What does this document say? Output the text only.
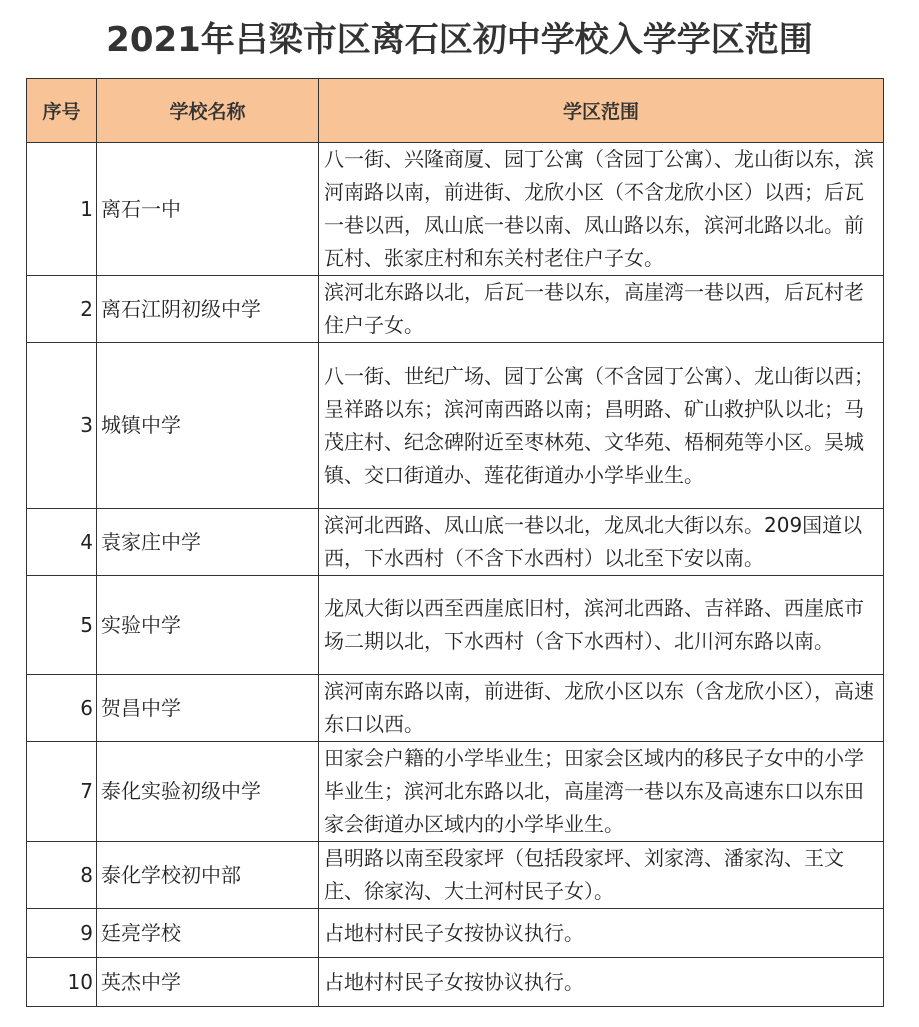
2021年吕梁市区离石区初中学校入学学区范围
序号	学校名称	学区范围
1	离石一中	八一街、兴隆商厦、园丁公寓（含园丁公寓）、龙山街以东，滨河南路以南，前进街、龙欣小区（不含龙欣小区）以西；后瓦一巷以西，凤山底一巷以南、凤山路以东，滨河北路以北。前瓦村、张家庄村和东关村老住户子女。
2	离石江阴初级中学	滨河北东路以北，后瓦一巷以东，高崖湾一巷以西，后瓦村老住户子女。
3	城镇中学	八一街、世纪广场、园丁公寓（不含园丁公寓）、龙山街以西；呈祥路以东；滨河南西路以南；昌明路、矿山救护队以北；马茂庄村、纪念碑附近至枣林苑、文华苑、梧桐苑等小区。吴城镇、交口街道办、莲花街道办小学毕业生。
4	袁家庄中学	滨河北西路、凤山底一巷以北，龙凤北大街以东。209国道以西，下水西村（不含下水西村）以北至下安以南。
5	实验中学	龙凤大街以西至西崖底旧村，滨河北西路、吉祥路、西崖底市场二期以北，下水西村（含下水西村）、北川河东路以南。
6	贺昌中学	滨河南东路以南，前进街、龙欣小区以东（含龙欣小区），高速东口以西。
7	泰化实验初级中学	田家会户籍的小学毕业生；田家会区域内的移民子女中的小学毕业生；滨河北东路以北，高崖湾一巷以东及高速东口以东田家会街道办区域内的小学毕业生。
8	泰化学校初中部	昌明路以南至段家坪（包括段家坪、刘家湾、潘家沟、王文庄、徐家沟、大土河村民子女）。
9	廷亮学校	占地村村民子女按协议执行。
10	英杰中学	占地村村民子女按协议执行。
